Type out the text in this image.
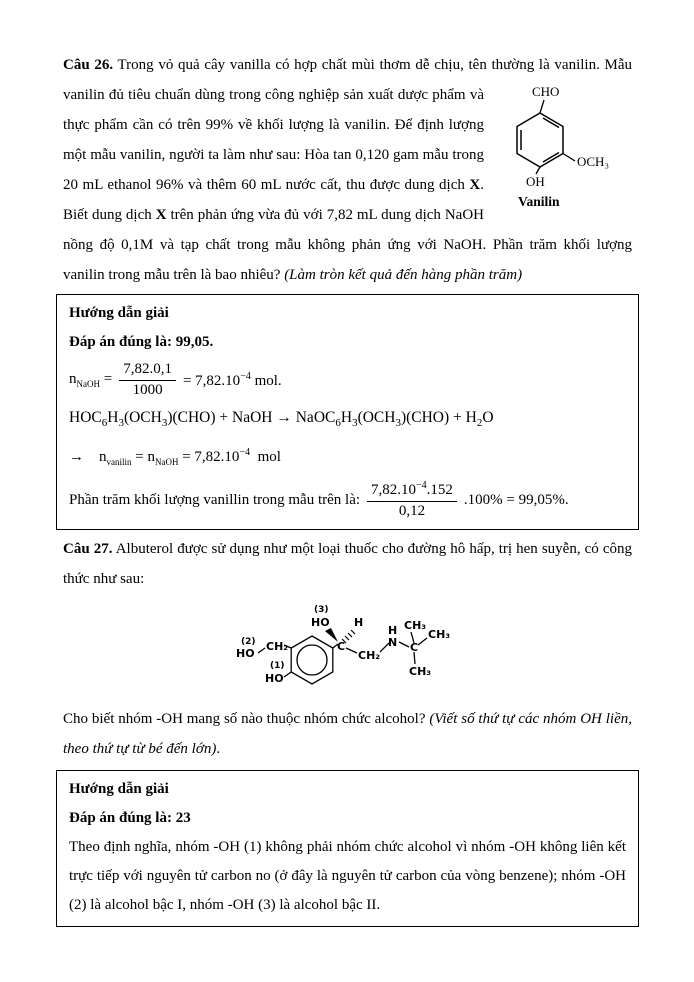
Câu 26. Trong vỏ quả cây vanilla có hợp chất mùi thơm dễ chịu, tên thường là vanilin.
CHO
OCH₃
OH
Vanilin
Mẫu vanilin đủ tiêu chuẩn dùng trong công nghiệp sản xuất dược phẩm và thực phẩm cần có trên 99% về khối lượng là vanilin. Để định lượng một mẫu vanilin, người ta làm như sau: Hòa tan 0,120 gam mẫu trong 20 mL ethanol 96% và thêm 60 mL nước cất, thu được dung dịch X. Biết dung dịch X trên phản ứng vừa đủ với 7,82 mL dung dịch NaOH nồng độ 0,1M và tạp chất trong mẫu không phản ứng với NaOH. Phần trăm khối lượng vanilin trong mẫu trên là bao nhiêu? (Làm tròn kết quả đến hàng phần trăm)

Hướng dẫn giải
Đáp án đúng là: 99,05.
$n_{NaOH} = \frac{7,82.0,1}{1000} = 7,82.10^{-4}$ mol.
$HOC_6H_3(OCH_3)(CHO)$ + NaOH → $NaOC_6H_3(OCH_3)(CHO) + H_2O$
→    $n_{vanilin} = n_{NaOH} = 7,82.10^{-4}$  mol
Phần trăm khối lượng vanillin trong mẫu trên là: $\frac{7,82.10^{-4}.152}{0,12} .100\% = 99,05\%$.

Câu 27. Albuterol được sử dụng như một loại thuốc cho đường hô hấp, trị hen suyễn, có công thức như sau:

(3)
HO H
C
CH₂
H
N C
CH₃
CH₃
CH₃
(2)
HO
CH₂
(1)
HO

Cho biết nhóm -OH mang số nào thuộc nhóm chức alcohol? (Viết số thứ tự các nhóm OH liền, theo thứ tự từ bé đến lớn).

Hướng dẫn giải
Đáp án đúng là: 23
Theo định nghĩa, nhóm -OH (1) không phải nhóm chức alcohol vì nhóm -OH không liên kết trực tiếp với nguyên tử carbon no (ở đây là nguyên tử carbon của vòng benzene); nhóm -OH (2) là alcohol bậc I, nhóm -OH (3) là alcohol bậc II.
